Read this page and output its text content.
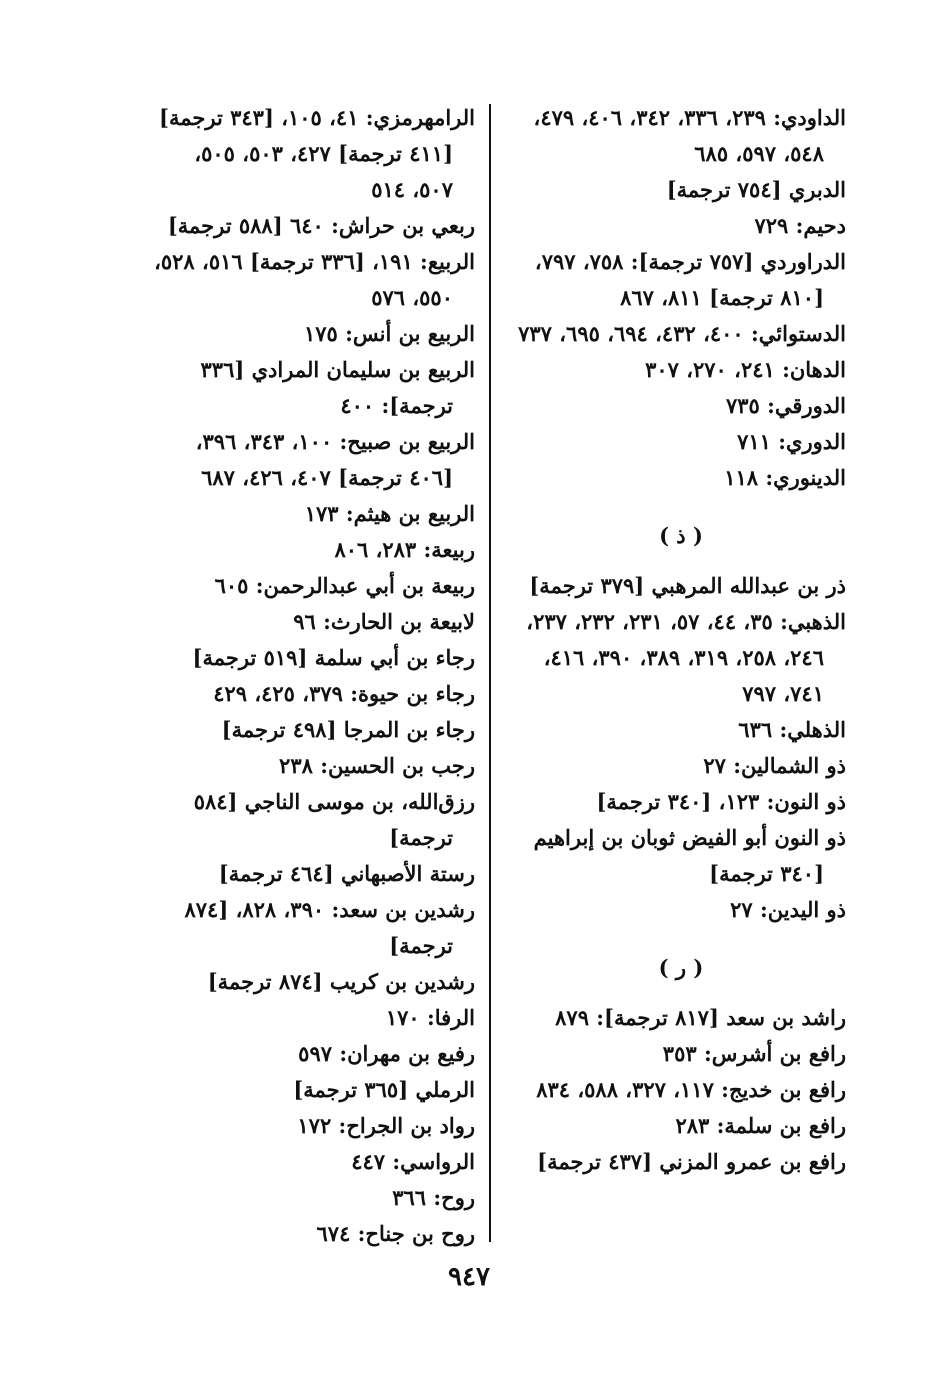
الداودي: ٢٣٩، ٣٣٦، ٣٤٢، ٤٠٦، ٤٧٩، ٥٤٨، ٥٩٧، ٦٨٥

الدبري [٧٥٤ ترجمة]

دحيم: ٧٢٩

الدراوردي [٧٥٧ ترجمة]: ٧٥٨، ٧٩٧، [٨١٠ ترجمة] ٨١١، ٨٦٧

الدستوائي: ٤٠٠، ٤٣٢، ٦٩٤، ٦٩٥، ٧٣٧

الدهان: ٢٤١، ٢٧٠، ٣٠٧

الدورقي: ٧٣٥

الدوري: ٧١١

الدينوري: ١١٨

( ذ )

ذر بن عبدالله المرهبي [٣٧٩ ترجمة]

الذهبي: ٣٥، ٤٤، ٥٧، ٢٣١، ٢٣٢، ٢٣٧، ٢٤٦، ٢٥٨، ٣١٩، ٣٨٩، ٣٩٠، ٤١٦، ٧٤١، ٧٩٧

الذهلي: ٦٣٦

ذو الشمالين: ٢٧

ذو النون: ١٢٣، [٣٤٠ ترجمة]

ذو النون أبو الفيض ثوبان بن إبراهيم [٣٤٠ ترجمة]

ذو اليدين: ٢٧

( ر )

راشد بن سعد [٨١٧ ترجمة]: ٨٧٩

رافع بن أشرس: ٣٥٣

رافع بن خديج: ١١٧، ٣٢٧، ٥٨٨، ٨٣٤

رافع بن سلمة: ٢٨٣

رافع بن عمرو المزني [٤٣٧ ترجمة]

الرامهرمزي: ٤١، ١٠٥، [٣٤٣ ترجمة] [٤١١ ترجمة] ٤٢٧، ٥٠٣، ٥٠٥، ٥٠٧، ٥١٤

ربعي بن حراش: ٦٤٠ [٥٨٨ ترجمة]

الربيع: ١٩١، [٣٣٦ ترجمة] ٥١٦، ٥٢٨، ٥٥٠، ٥٧٦

الربيع بن أنس: ١٧٥

الربيع بن سليمان المرادي [٣٣٦ ترجمة]: ٤٠٠

الربيع بن صبيح: ١٠٠، ٣٤٣، ٣٩٦، [٤٠٦ ترجمة] ٤٠٧، ٤٢٦، ٦٨٧

الربيع بن هيثم: ١٧٣

ربيعة: ٢٨٣، ٨٠٦

ربيعة بن أبي عبدالرحمن: ٦٠٥

لابيعة بن الحارث: ٩٦

رجاء بن أبي سلمة [٥١٩ ترجمة]

رجاء بن حيوة: ٣٧٩، ٤٢٥، ٤٢٩

رجاء بن المرجا [٤٩٨ ترجمة]

رجب بن الحسين: ٢٣٨

رزق‌الله، بن موسى الناجي [٥٨٤ ترجمة]

رستة الأصبهاني [٤٦٤ ترجمة]

رشدين بن سعد: ٣٩٠، ٨٢٨، [٨٧٤ ترجمة]

رشدين بن كريب [٨٧٤ ترجمة]

الرفا: ١٧٠

رفيع بن مهران: ٥٩٧

الرملي [٣٦٥ ترجمة]

رواد بن الجراح: ١٧٢

الرواسي: ٤٤٧

روح: ٣٦٦

روح بن جناح: ٦٧٤

٩٤٧
